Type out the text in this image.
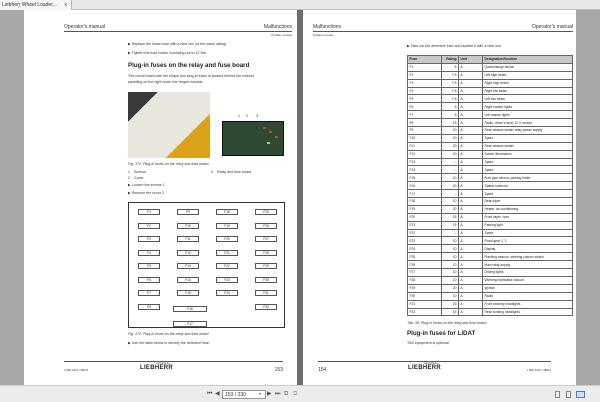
Liebherr Wheel Loader... x
Operator's manual	Malfunctions
Problem remedy
▶ Replace the blown fuse with a new one (of the same rating).
▶ Tighten the fuse holder insulating nut to 12 Nm.
Plug-in fuses on the relay and fuse board
The circuit board with the relays and plug-in fuses is located behind the exterior
panelling on the right under the hinged window.
1 2 3
Fig. 171: Plug-in fuses on the relay and fuse board
1 Screws
2 Cover
3 Relay and fuse board
▶ Loosen the screws 1.
▶ Remove the cover 2.
F1
F2
F3
F4
F5
F6
F7
F8
F9
F10
F11
F12
F13
F14
F15
F18
F19
F20
F21
F22
F23
F24
F25
F26
F27
F28
F29
F30
F31
F32
F16
F17
Fig. 172: Plug-in fuses on the relay and fuse board
▶ Use the table below to identify the defective fuse.
L 506-1201 / 28031
copyright by
LIEBHERR	153
Malfunctions	Operator's manual
Problem remedy
▶ Take out the defective fuse and replace it with a new one.
Fuse	Rating	Unit	Designation/function
F1	5	A	Quickchange device
F2	7,5	A	Left high beam
F3	7,5	A	Right high beam
F4	7,5	A	Right low beam
F5	7,5	A	Left low beam
F6	5	A	Right marker lights
F7	5	A	Left marker lights
F8	15	A	Radio, driver's seat, 12 V socket
F9	10	A	Rear window heater relay power supply
F10	10	A	Spare
F11	20	A	Rear window heater
F12	10	A	Switch illumination
F13	–	A	Spare
F14	–	A	Spare
F15	10	A	Fuel pipe sensor, parking brake
F16	20	A	Starter solenoid
F17	–	A	Spare
F18	10	A	Rear wiper
F19	20	A	Heater, air conditioning
F20	15	A	Front wiper, horn
F21	15	A	Parking light
F22	–	A	Spare
F23	10	A	Fixed gear 1, 2
F24	10	A	Display
F25	10	A	Flashing beacon, steering column switch
F26	10	A	Main relay supply
F27	10	A	Driving lights
F28	10	A	Working hydraulics lockout
F29	20	A	Ignition
F30	10	A	Radio
F31	15	A	Front working headlights
F32	15	A	Rear working headlights
Tab. 38: Plug-in fuses on the relay and fuse board
Plug-in fuses for LiDAT
This equipment is optional.
154
copyright by
LIEBHERR	L 506-1201 / 28031
⏮ ◀	153 / 230	▾ ▶ ⏭ ⧉ ⧉
